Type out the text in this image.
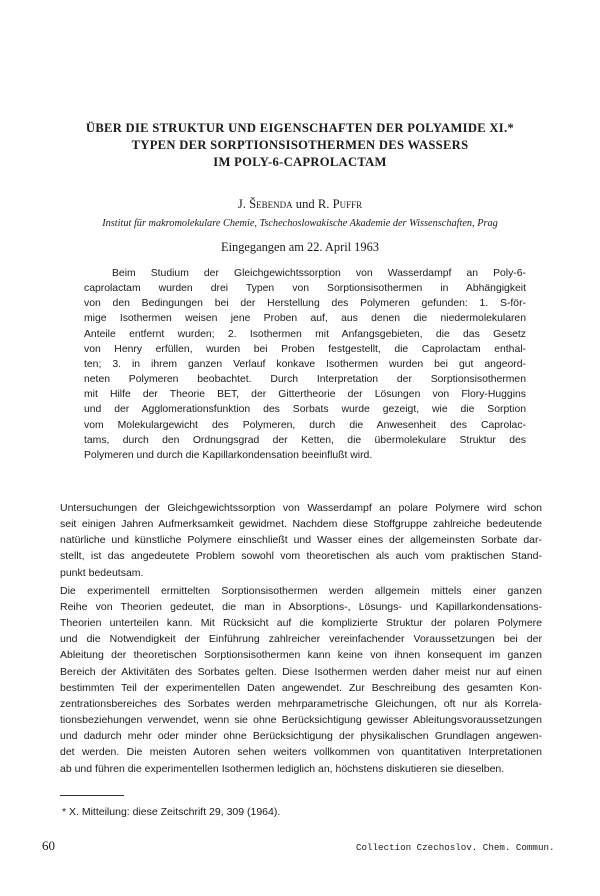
ÜBER DIE STRUKTUR UND EIGENSCHAFTEN DER POLYAMIDE XI.*
TYPEN DER SORPTIONSISOTHERMEN DES WASSERS
IM POLY-6-CAPROLACTAM
J. Šebenda und R. Puffr
Institut für makromolekulare Chemie, Tschechoslowakische Akademie der Wissenschaften, Prag
Eingegangen am 22. April 1963
Beim Studium der Gleichgewichtssorption von Wasserdampf an Poly-6-
caprolactam wurden drei Typen von Sorptionsisothermen in Abhängigkeit
von den Bedingungen bei der Herstellung des Polymeren gefunden: 1. S-för-
mige Isothermen weisen jene Proben auf, aus denen die niedermolekularen
Anteile entfernt wurden; 2. Isothermen mit Anfangsgebieten, die das Gesetz
von Henry erfüllen, wurden bei Proben festgestellt, die Caprolactam enthal-
ten; 3. in ihrem ganzen Verlauf konkave Isothermen wurden bei gut angeord-
neten Polymeren beobachtet. Durch Interpretation der Sorptionsisothermen
mit Hilfe der Theorie BET, der Gittertheorie der Lösungen von Flory-Huggins
und der Agglomerationsfunktion des Sorbats wurde gezeigt, wie die Sorption
vom Molekulargewicht des Polymeren, durch die Anwesenheit des Caprolac-
tams, durch den Ordnungsgrad der Ketten, die übermolekulare Struktur des
Polymeren und durch die Kapillarkondensation beeinflußt wird.
Untersuchungen der Gleichgewichtssorption von Wasserdampf an polare Polymere wird schon
seit einigen Jahren Aufmerksamkeit gewidmet. Nachdem diese Stoffgruppe zahlreiche bedeutende
natürliche und künstliche Polymere einschließt und Wasser eines der allgemeinsten Sorbate dar-
stellt, ist das angedeutete Problem sowohl vom theoretischen als auch vom praktischen Stand-
punkt bedeutsam.
Die experimentell ermittelten Sorptionsisothermen werden allgemein mittels einer ganzen
Reihe von Theorien gedeutet, die man in Absorptions-, Lösungs- und Kapillarkondensations-
Theorien unterteilen kann. Mit Rücksicht auf die komplizierte Struktur der polaren Polymere
und die Notwendigkeit der Einführung zahlreicher vereinfachender Voraussetzungen bei der
Ableitung der theoretischen Sorptionsisothermen kann keine von ihnen konsequent im ganzen
Bereich der Aktivitäten des Sorbates gelten. Diese Isothermen werden daher meist nur auf einen
bestimmten Teil der experimentellen Daten angewendet. Zur Beschreibung des gesamten Kon-
zentrationsbereiches des Sorbates werden mehrparametrische Gleichungen, oft nur als Korrela-
tionsbeziehungen verwendet, wenn sie ohne Berücksichtigung gewisser Ableitungsvoraussetzungen
und dadurch mehr oder minder ohne Berücksichtigung der physikalischen Grundlagen angewen-
det werden. Die meisten Autoren sehen weiters vollkommen von quantitativen Interpretationen
ab und führen die experimentellen Isothermen lediglich an, höchstens diskutieren sie dieselben.
* X. Mitteilung: diese Zeitschrift 29, 309 (1964).
60	Collection Czechoslov. Chem. Commun.
